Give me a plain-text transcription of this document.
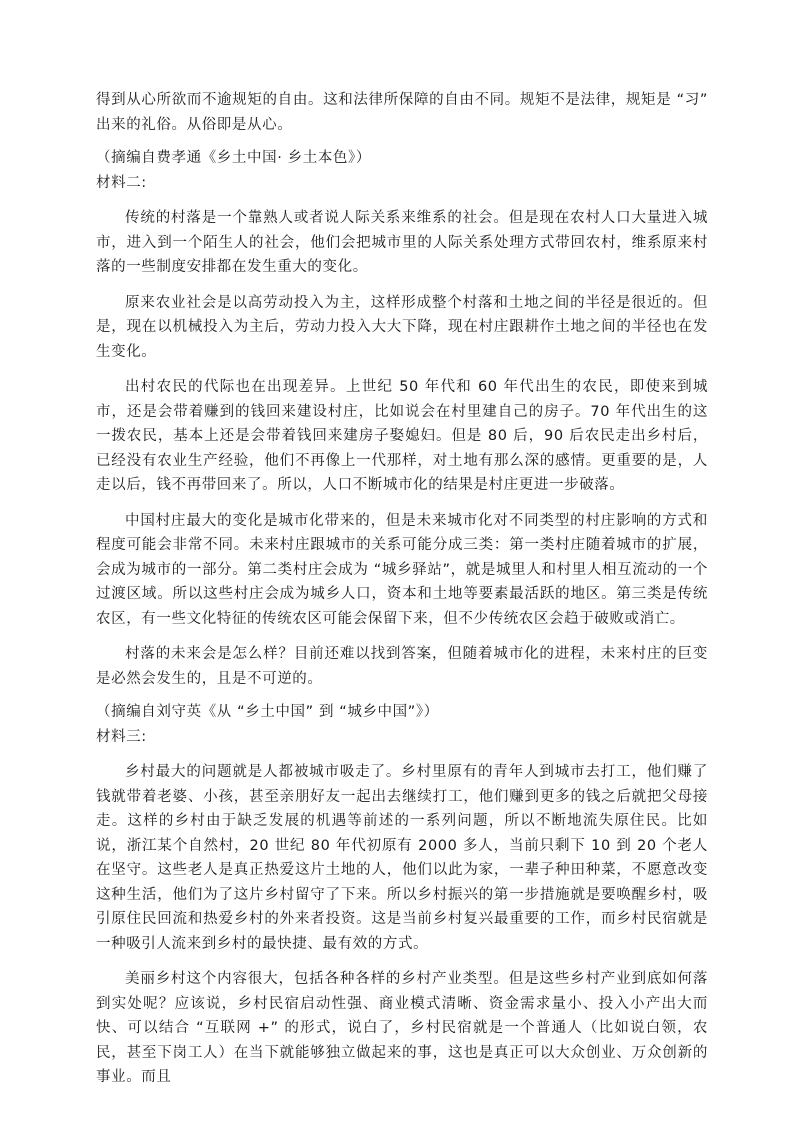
得到从心所欲而不逾规矩的自由。这和法律所保障的自由不同。规矩不是法律，规矩是 “习” 出来的礼俗。从俗即是从心。

（摘编自费孝通《乡土中国· 乡土本色》）

材料二:

传统的村落是一个靠熟人或者说人际关系来维系的社会。但是现在农村人口大量进入城市，进入到一个陌生人的社会，他们会把城市里的人际关系处理方式带回农村，维系原来村落的一些制度安排都在发生重大的变化。

原来农业社会是以高劳动投入为主，这样形成整个村落和土地之间的半径是很近的。但是，现在以机械投入为主后，劳动力投入大大下降，现在村庄跟耕作土地之间的半径也在发生变化。

出村农民的代际也在出现差异。上世纪 50 年代和 60 年代出生的农民，即使来到城市，还是会带着赚到的钱回来建设村庄，比如说会在村里建自己的房子。70 年代出生的这一拨农民，基本上还是会带着钱回来建房子娶媳妇。但是 80 后，90 后农民走出乡村后，已经没有农业生产经验，他们不再像上一代那样，对土地有那么深的感情。更重要的是，人走以后，钱不再带回来了。所以，人口不断城市化的结果是村庄更进一步破落。

中国村庄最大的变化是城市化带来的，但是未来城市化对不同类型的村庄影响的方式和程度可能会非常不同。未来村庄跟城市的关系可能分成三类：第一类村庄随着城市的扩展，会成为城市的一部分。第二类村庄会成为 “城乡驿站”，就是城里人和村里人相互流动的一个过渡区域。所以这些村庄会成为城乡人口，资本和土地等要素最活跃的地区。第三类是传统农区，有一些文化特征的传统农区可能会保留下来，但不少传统农区会趋于破败或消亡。

村落的未来会是怎么样？目前还难以找到答案，但随着城市化的进程，未来村庄的巨变是必然会发生的，且是不可逆的。

（摘编自刘守英《从 “乡土中国” 到 “城乡中国”》）

材料三:

乡村最大的问题就是人都被城市吸走了。乡村里原有的青年人到城市去打工，他们赚了钱就带着老婆、小孩，甚至亲朋好友一起出去继续打工，他们赚到更多的钱之后就把父母接走。这样的乡村由于缺乏发展的机遇等前述的一系列问题，所以不断地流失原住民。比如说，浙江某个自然村，20 世纪 80 年代初原有 2000 多人，当前只剩下 10 到 20 个老人在坚守。这些老人是真正热爱这片土地的人，他们以此为家，一辈子种田种菜，不愿意改变这种生活，他们为了这片乡村留守了下来。所以乡村振兴的第一步措施就是要唤醒乡村，吸引原住民回流和热爱乡村的外来者投资。这是当前乡村复兴最重要的工作，而乡村民宿就是一种吸引人流来到乡村的最快捷、最有效的方式。

美丽乡村这个内容很大，包括各种各样的乡村产业类型。但是这些乡村产业到底如何落到实处呢？应该说，乡村民宿启动性强、商业模式清晰、资金需求量小、投入小产出大而快、可以结合 “互联网 +” 的形式，说白了，乡村民宿就是一个普通人（比如说白领，农民，甚至下岗工人）在当下就能够独立做起来的事，这也是真正可以大众创业、万众创新的事业。而且
